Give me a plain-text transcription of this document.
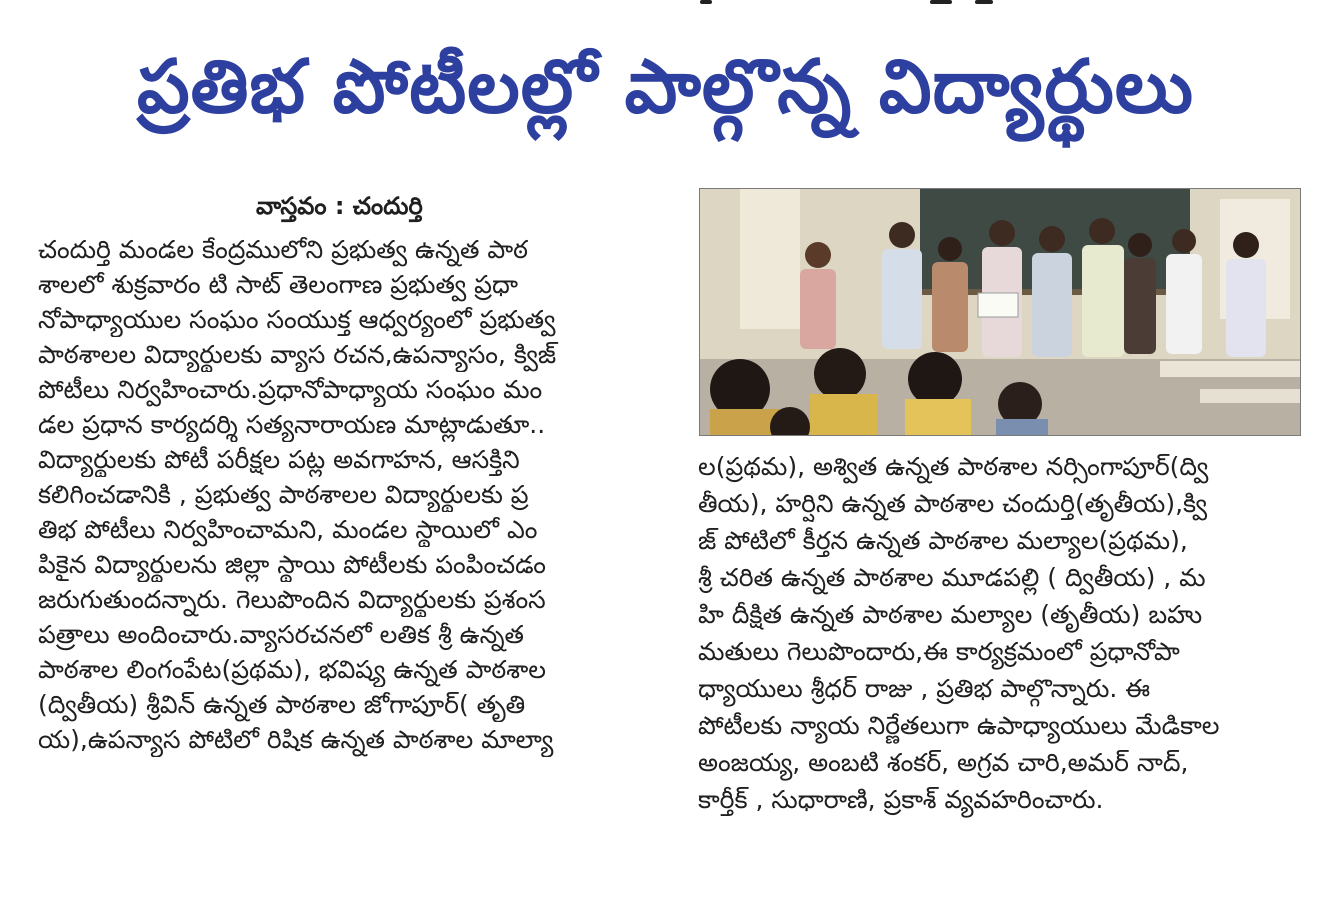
ప్రతిభ పోటీలల్లో పాల్గొన్న విద్యార్థులు
వాస్తవం : చందుర్తి
చందుర్తి మండల కేంద్రములోని ప్రభుత్వ ఉన్నత పాఠ
శాలలో శుక్రవారం టి సాట్ తెలంగాణ ప్రభుత్వ ప్రధా
నోపాధ్యాయుల సంఘం సంయుక్త ఆధ్వర్యంలో ప్రభుత్వ
పాఠశాలల విద్యార్థులకు వ్యాస రచన,ఉపన్యాసం, క్విజ్
పోటీలు నిర్వహించారు.ప్రధానోపాధ్యాయ సంఘం మం
డల ప్రధాన కార్యదర్శి సత్యనారాయణ మాట్లాడుతూ..
విద్యార్థులకు పోటీ పరీక్షల పట్ల అవగాహన, ఆసక్తిని
కలిగించడానికి , ప్రభుత్వ పాఠశాలల విద్యార్థులకు ప్ర
తిభ పోటీలు నిర్వహించామని, మండల స్థాయిలో ఎం
పికైన విద్యార్థులను జిల్లా స్థాయి పోటీలకు పంపించడం
జరుగుతుందన్నారు. గెలుపొందిన విద్యార్థులకు ప్రశంస
పత్రాలు అందించారు.వ్యాసరచనలో లతిక శ్రీ ఉన్నత
పాఠశాల లింగంపేట(ప్రథమ), భవిష్య ఉన్నత పాఠశాల
(ద్వితీయ) శ్రీవిన్ ఉన్నత పాఠశాల జోగాపూర్( తృతి
య),ఉపన్యాస పోటిలో రిషిక ఉన్నత పాఠశాల మాల్యా
ల(ప్రథమ), అశ్విత ఉన్నత పాఠశాల నర్సింగాపూర్(ద్వి
తీయ), హర్షిని ఉన్నత పాఠశాల చందుర్తి(తృతీయ),క్వి
జ్ పోటిలో కీర్తన ఉన్నత పాఠశాల మల్యాల(ప్రథమ),
శ్రీ చరిత ఉన్నత పాఠశాల మూడపల్లి ( ద్వితీయ) , మ
హి దీక్షిత ఉన్నత పాఠశాల మల్యాల (తృతీయ) బహు
మతులు గెలుపొందారు,ఈ కార్యక్రమంలో ప్రధానోపా
ధ్యాయులు శ్రీధర్ రాజు , ప్రతిభ పాల్గొన్నారు. ఈ
పోటీలకు న్యాయ నిర్ణేతలుగా ఉపాధ్యాయులు మేడికాల
అంజయ్య, అంబటి శంకర్, అగ్రవ చారి,అమర్ నాద్,
కార్తీక్ , సుధారాణి, ప్రకాశ్ వ్యవహరించారు.
